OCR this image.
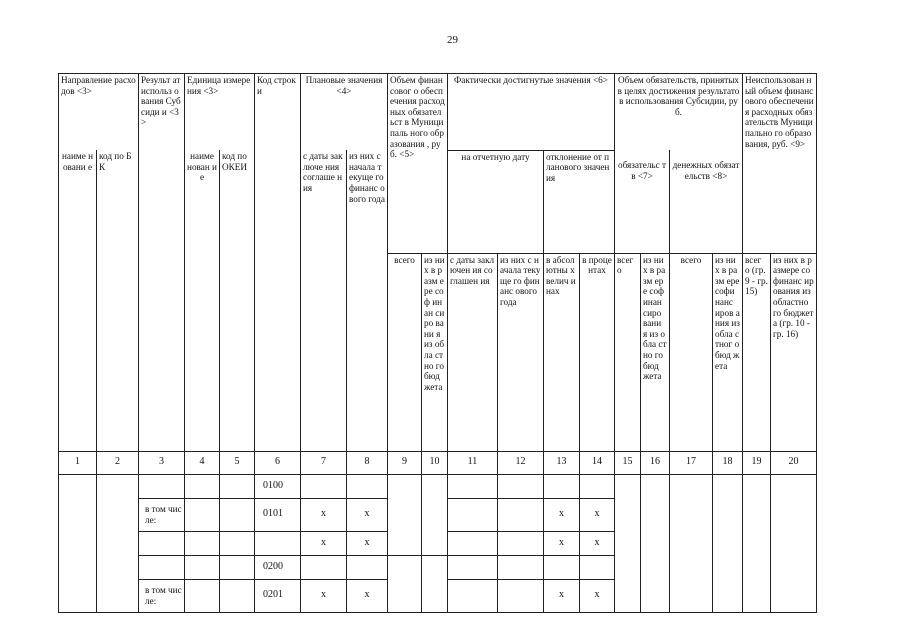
29
Направление расходов <3>		Результ ат использ ования Субсиди и <3>	Единица измерения <3>		Код строки	Плановые значения <4>		Объем финансовог о обеспечения расходных обязательст в Муниципаль ного образования , руб. <5>		Фактически достигнутые значения <6>				Объем обязательств, принятых в целях достижения результатов использования Субсидии, руб.				Неиспользован ный объем финансового обеспечения расходных обязательств Муниципально го образования, руб. <9>	
наиме новани е	код по БК		наиме нован ие	код по ОКЕИ		с даты заключе ния соглаше ния	из них с начала текуще го финанс ового года			на отчетную дату		отклонение от планового значения		обязательс тв <7>		денежных обязательств <8>			
								всего	из них в разм ере соф инан сиро вани я из обла стно го бюд жета	с даты заключен ия соглашен ия	из них с начала текуще го финанс ового года	в абсол ютны х велич инах	в проце нтах	всег о	из них в разм ере соф инан сиро вани я из обла стно го бюд жета	всего	из них в разм ере софи нанс иров ания из обла стног о бюд жета	всег о (гр. 9 - гр. 15)	из них в размере софинанс ирования из областно го бюджета (гр. 10 - гр. 16)
1	2	3	4	5	6	7	8	9	10	11	12	13	14	15	16	17	18	19	20
					0100														
		в том числе:			0101	x	x					x	x						
						x	x					x	x						
					0200														
		в том числе:			0201	x	x					x	x						
